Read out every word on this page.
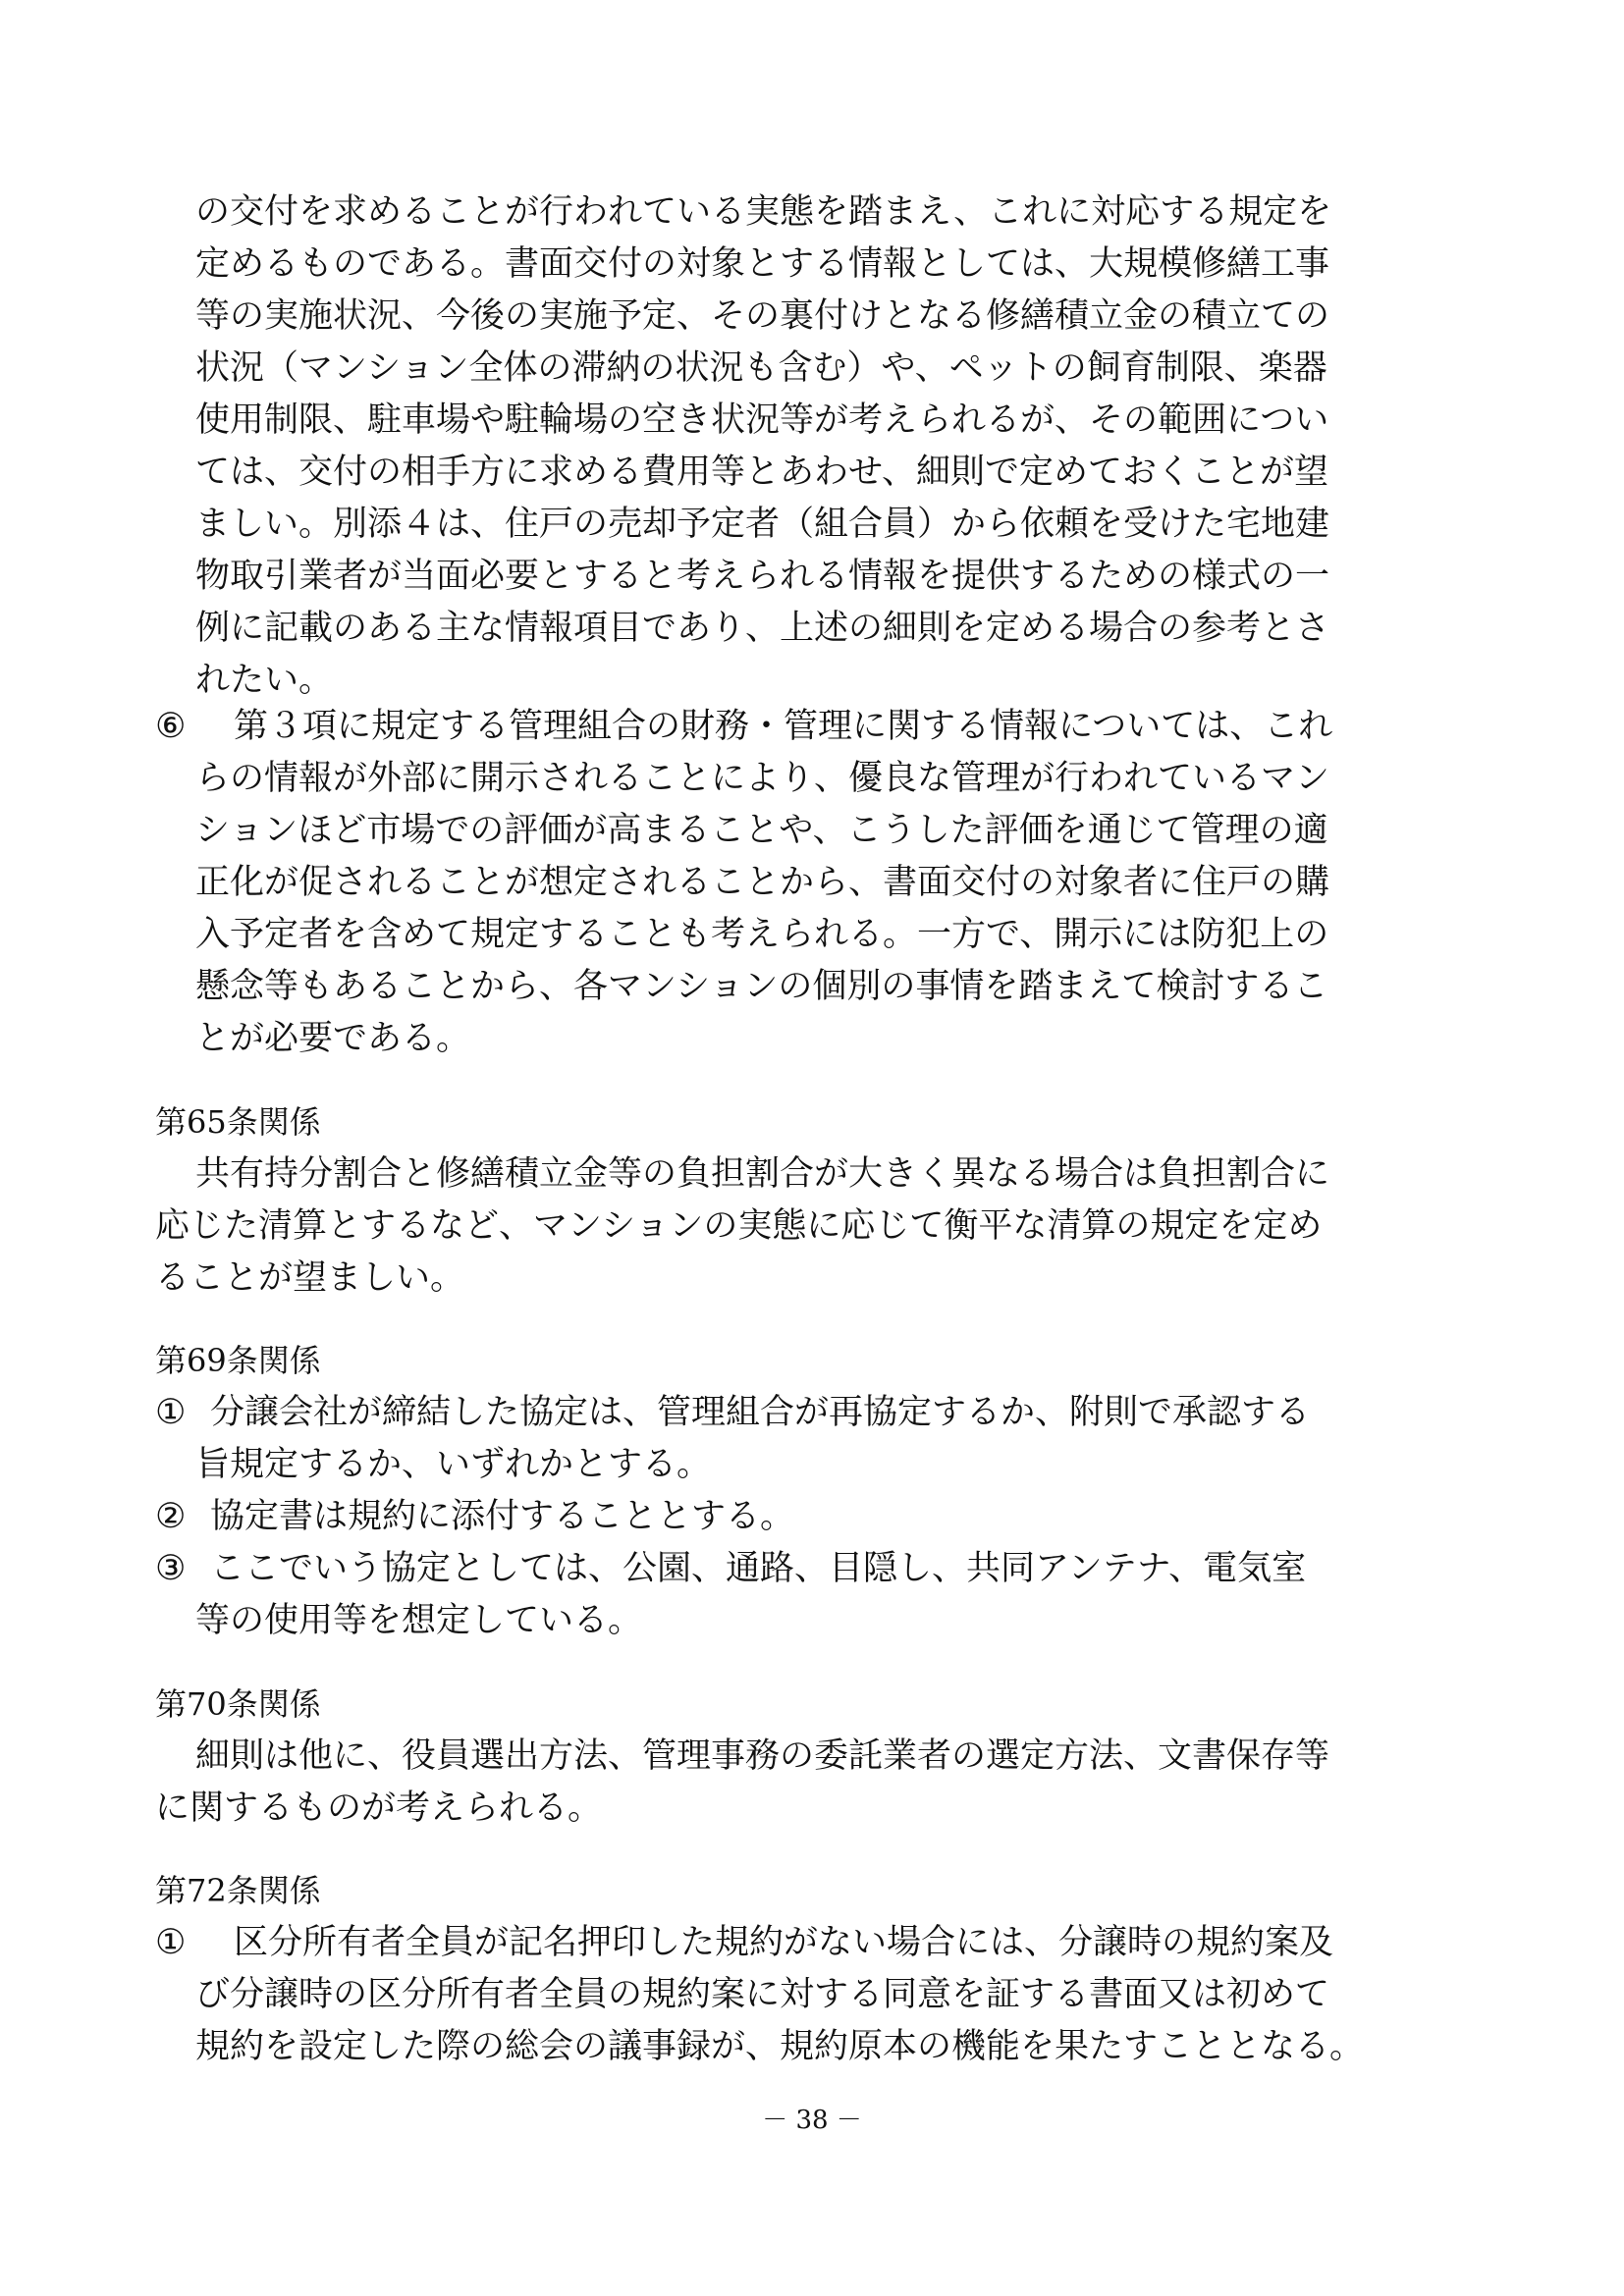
の交付を求めることが行われている実態を踏まえ、これに対応する規定を
定めるものである。書面交付の対象とする情報としては、大規模修繕工事
等の実施状況、今後の実施予定、その裏付けとなる修繕積立金の積立ての
状況（マンション全体の滞納の状況も含む）や、ペットの飼育制限、楽器
使用制限、駐車場や駐輪場の空き状況等が考えられるが、その範囲につい
ては、交付の相手方に求める費用等とあわせ、細則で定めておくことが望
ましい。別添４は、住戸の売却予定者（組合員）から依頼を受けた宅地建
物取引業者が当面必要とすると考えられる情報を提供するための様式の一
例に記載のある主な情報項目であり、上述の細則を定める場合の参考とさ
れたい。
⑥ 第３項に規定する管理組合の財務・管理に関する情報については、これ
らの情報が外部に開示されることにより、優良な管理が行われているマン
ションほど市場での評価が高まることや、こうした評価を通じて管理の適
正化が促されることが想定されることから、書面交付の対象者に住戸の購
入予定者を含めて規定することも考えられる。一方で、開示には防犯上の
懸念等もあることから、各マンションの個別の事情を踏まえて検討するこ
とが必要である。
第65条関係
共有持分割合と修繕積立金等の負担割合が大きく異なる場合は負担割合に
応じた清算とするなど、マンションの実態に応じて衡平な清算の規定を定め
ることが望ましい。
第69条関係
① 分譲会社が締結した協定は、管理組合が再協定するか、附則で承認する
旨規定するか、いずれかとする。
② 協定書は規約に添付することとする。
③ ここでいう協定としては、公園、通路、目隠し、共同アンテナ、電気室
等の使用等を想定している。
第70条関係
細則は他に、役員選出方法、管理事務の委託業者の選定方法、文書保存等
に関するものが考えられる。
第72条関係
① 区分所有者全員が記名押印した規約がない場合には、分譲時の規約案及
び分譲時の区分所有者全員の規約案に対する同意を証する書面又は初めて
規約を設定した際の総会の議事録が、規約原本の機能を果たすこととなる。
－ 38 －
